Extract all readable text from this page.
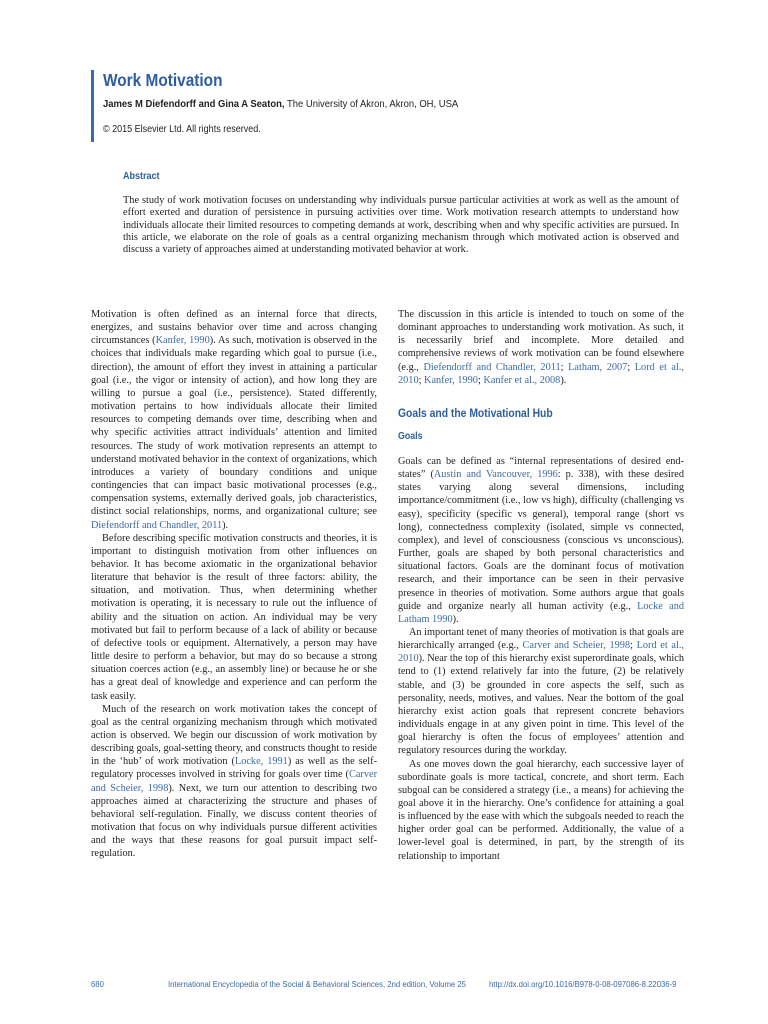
Work Motivation
James M Diefendorff and Gina A Seaton, The University of Akron, Akron, OH, USA
© 2015 Elsevier Ltd. All rights reserved.
Abstract
The study of work motivation focuses on understanding why individuals pursue particular activities at work as well as the amount of effort exerted and duration of persistence in pursuing activities over time. Work motivation research attempts to understand how individuals allocate their limited resources to competing demands at work, describing when and why specific activities are pursued. In this article, we elaborate on the role of goals as a central organizing mechanism through which motivated action is observed and discuss a variety of approaches aimed at understanding motivated behavior at work.

Motivation is often defined as an internal force that directs, energizes, and sustains behavior over time and across changing circumstances (Kanfer, 1990). As such, motivation is observed in the choices that individuals make regarding which goal to pursue (i.e., direction), the amount of effort they invest in attaining a particular goal (i.e., the vigor or intensity of action), and how long they are willing to pursue a goal (i.e., persistence). Stated differently, motivation pertains to how individuals allocate their limited resources to competing demands over time, describing when and why specific activities attract individuals’ attention and limited resources. The study of work motivation represents an attempt to understand motivated behavior in the context of organizations, which introduces a variety of boundary conditions and unique contingencies that can impact basic motivational processes (e.g., compensation systems, externally derived goals, job characteristics, distinct social relationships, norms, and organizational culture; see Diefendorff and Chandler, 2011).

Before describing specific motivation constructs and theories, it is important to distinguish motivation from other influences on behavior. It has become axiomatic in the organizational behavior literature that behavior is the result of three factors: ability, the situation, and motivation. Thus, when determining whether motivation is operating, it is necessary to rule out the influence of ability and the situation on action. An individual may be very motivated but fail to perform because of a lack of ability or because of defective tools or equipment. Alternatively, a person may have little desire to perform a behavior, but may do so because a strong situation coerces action (e.g., an assembly line) or because he or she has a great deal of knowledge and experience and can perform the task easily.

Much of the research on work motivation takes the concept of goal as the central organizing mechanism through which motivated action is observed. We begin our discussion of work motivation by describing goals, goal-setting theory, and constructs thought to reside in the ‘hub’ of work motivation (Locke, 1991) as well as the self-regulatory processes involved in striving for goals over time (Carver and Scheier, 1998). Next, we turn our attention to describing two approaches aimed at characterizing the structure and phases of behavioral self-regulation. Finally, we discuss content theories of motivation that focus on why individuals pursue different activities and the ways that these reasons for goal pursuit impact self-regulation.

The discussion in this article is intended to touch on some of the dominant approaches to understanding work motivation. As such, it is necessarily brief and incomplete. More detailed and comprehensive reviews of work motivation can be found elsewhere (e.g., Diefendorff and Chandler, 2011; Latham, 2007; Lord et al., 2010; Kanfer, 1990; Kanfer et al., 2008).

Goals and the Motivational Hub
Goals

Goals can be defined as “internal representations of desired end-states” (Austin and Vancouver, 1996: p. 338), with these desired states varying along several dimensions, including importance/commitment (i.e., low vs high), difficulty (challenging vs easy), specificity (specific vs general), temporal range (short vs long), connectedness complexity (isolated, simple vs connected, complex), and level of consciousness (conscious vs unconscious). Further, goals are shaped by both personal characteristics and situational factors. Goals are the dominant focus of motivation research, and their importance can be seen in their pervasive presence in theories of motivation. Some authors argue that goals guide and organize nearly all human activity (e.g., Locke and Latham 1990).

An important tenet of many theories of motivation is that goals are hierarchically arranged (e.g., Carver and Scheier, 1998; Lord et al., 2010). Near the top of this hierarchy exist superordinate goals, which tend to (1) extend relatively far into the future, (2) be relatively stable, and (3) be grounded in core aspects the self, such as personality, needs, motives, and values. Near the bottom of the goal hierarchy exist action goals that represent concrete behaviors individuals engage in at any given point in time. This level of the goal hierarchy is often the focus of employees’ attention and regulatory resources during the workday.

As one moves down the goal hierarchy, each successive layer of subordinate goals is more tactical, concrete, and short term. Each subgoal can be considered a strategy (i.e., a means) for achieving the goal above it in the hierarchy. One’s confidence for attaining a goal is influenced by the ease with which the subgoals needed to reach the higher order goal can be performed. Additionally, the value of a lower-level goal is determined, in part, by the strength of its relationship to important

680	International Encyclopedia of the Social & Behavioral Sciences, 2nd edition, Volume 25	http://dx.doi.org/10.1016/B978-0-08-097086-8.22036-9
